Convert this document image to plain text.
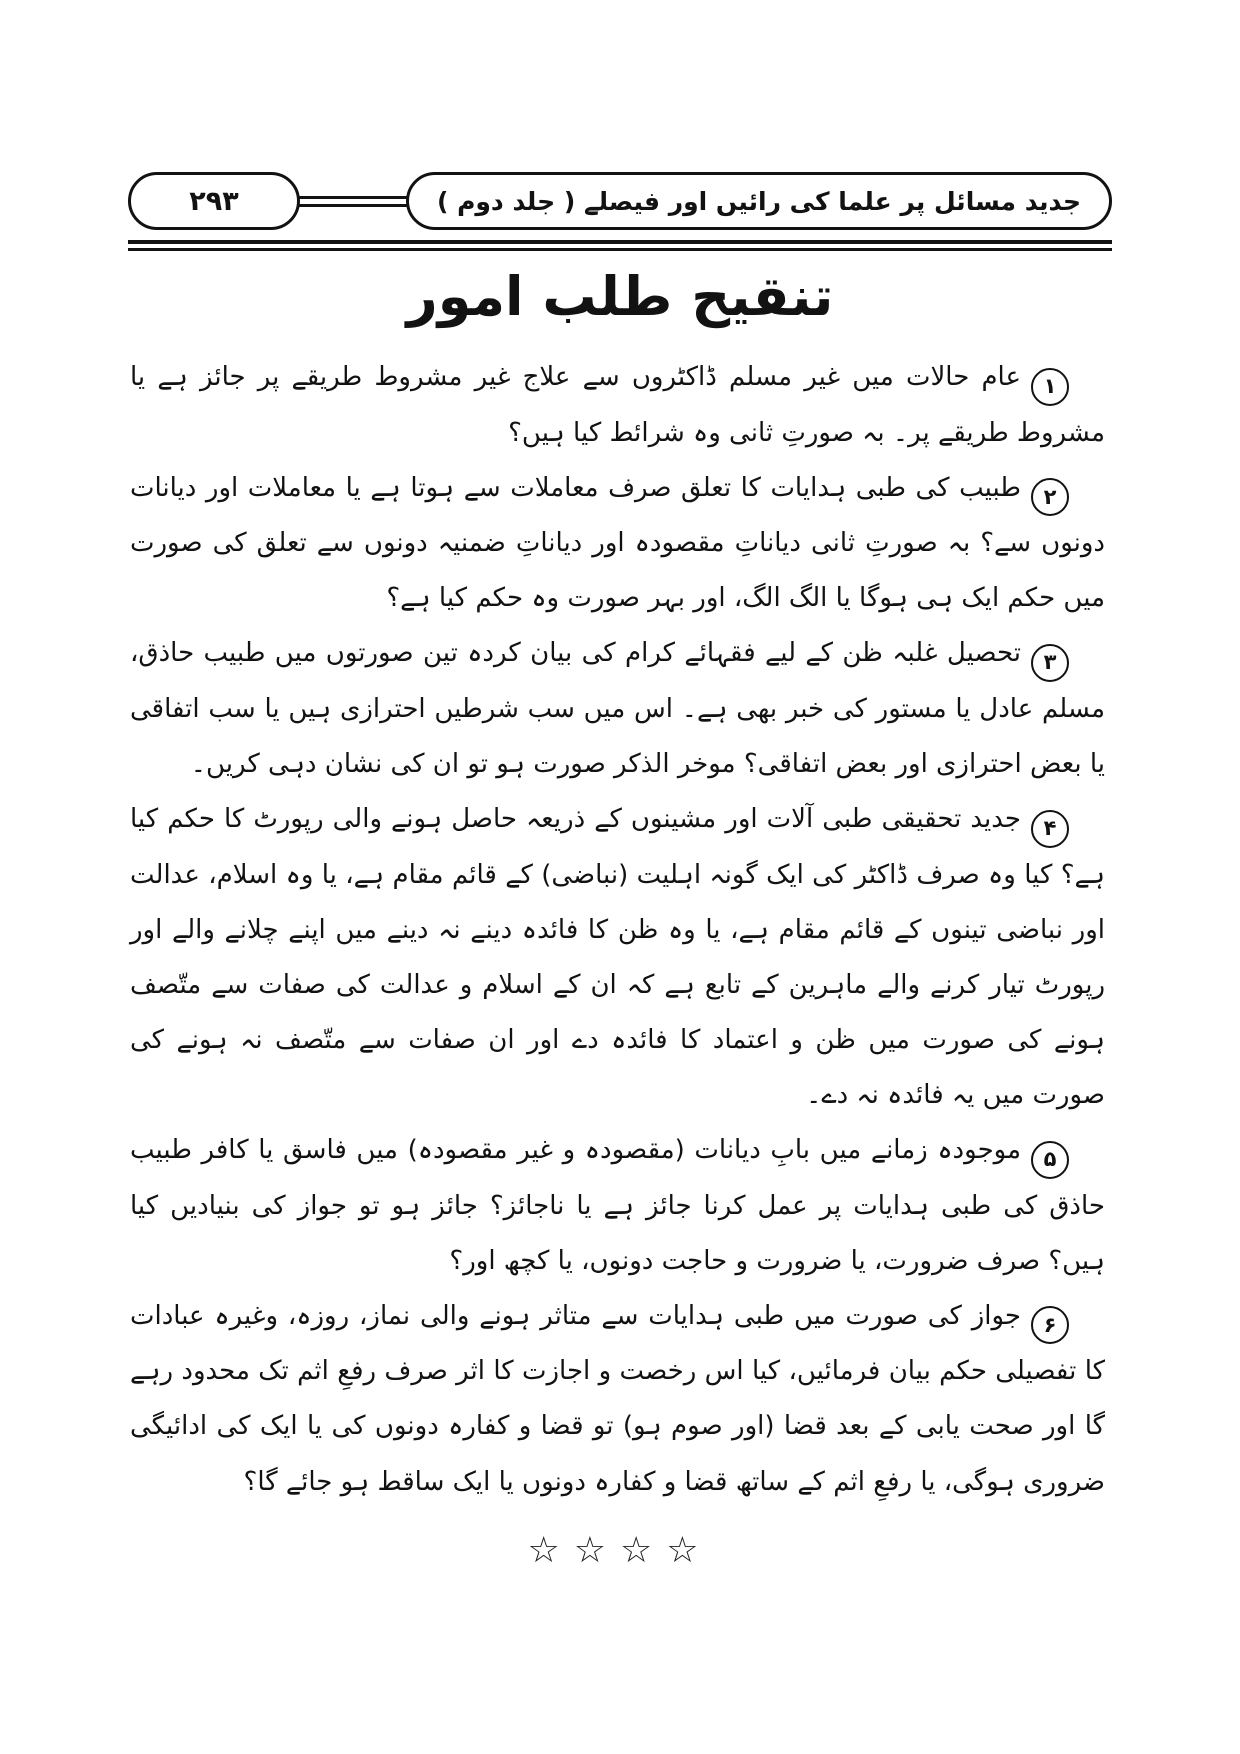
۲۹۳	جدید مسائل پر علما کی رائیں اور فیصلے ( جلد دوم )
تنقیح طلب امور

۱عام حالات میں غیر مسلم ڈاکٹروں سے علاج غیر مشروط طریقے پر جائز ہے یا مشروط طریقے پر۔ بہ صورتِ ثانی وہ شرائط کیا ہیں؟

۲طبیب کی طبی ہدایات کا تعلق صرف معاملات سے ہوتا ہے یا معاملات اور دیانات دونوں سے؟ بہ صورتِ ثانی دیاناتِ مقصودہ اور دیاناتِ ضمنیہ دونوں سے تعلق کی صورت میں حکم ایک ہی ہوگا یا الگ الگ، اور بہر صورت وہ حکم کیا ہے؟

۳تحصیل غلبہ ظن کے لیے فقہائے کرام کی بیان کردہ تین صورتوں میں طبیب حاذق، مسلم عادل یا مستور کی خبر بھی ہے۔ اس میں سب شرطیں احترازی ہیں یا سب اتفاقی یا بعض احترازی اور بعض اتفاقی؟ موخر الذکر صورت ہو تو ان کی نشان دہی کریں۔

۴جدید تحقیقی طبی آلات اور مشینوں کے ذریعہ حاصل ہونے والی رپورٹ کا حکم کیا ہے؟ کیا وہ صرف ڈاکٹر کی ایک گونہ اہلیت (نباضی) کے قائم مقام ہے، یا وہ اسلام، عدالت اور نباضی تینوں کے قائم مقام ہے، یا وہ ظن کا فائدہ دینے نہ دینے میں اپنے چلانے والے اور رپورٹ تیار کرنے والے ماہرین کے تابع ہے کہ ان کے اسلام و عدالت کی صفات سے متّصف ہونے کی صورت میں ظن و اعتماد کا فائدہ دے اور ان صفات سے متّصف نہ ہونے کی صورت میں یہ فائدہ نہ دے۔

۵موجودہ زمانے میں بابِ دیانات (مقصودہ و غیر مقصودہ) میں فاسق یا کافر طبیب حاذق کی طبی ہدایات پر عمل کرنا جائز ہے یا ناجائز؟ جائز ہو تو جواز کی بنیادیں کیا ہیں؟ صرف ضرورت، یا ضرورت و حاجت دونوں، یا کچھ اور؟

۶جواز کی صورت میں طبی ہدایات سے متاثر ہونے والی نماز، روزہ، وغیرہ عبادات کا تفصیلی حکم بیان فرمائیں، کیا اس رخصت و اجازت کا اثر صرف رفعِ اثم تک محدود رہے گا اور صحت یابی کے بعد قضا (اور صوم ہو) تو قضا و کفارہ دونوں کی یا ایک کی ادائیگی ضروری ہوگی، یا رفعِ اثم کے ساتھ قضا و کفارہ دونوں یا ایک ساقط ہو جائے گا؟

☆☆☆☆
